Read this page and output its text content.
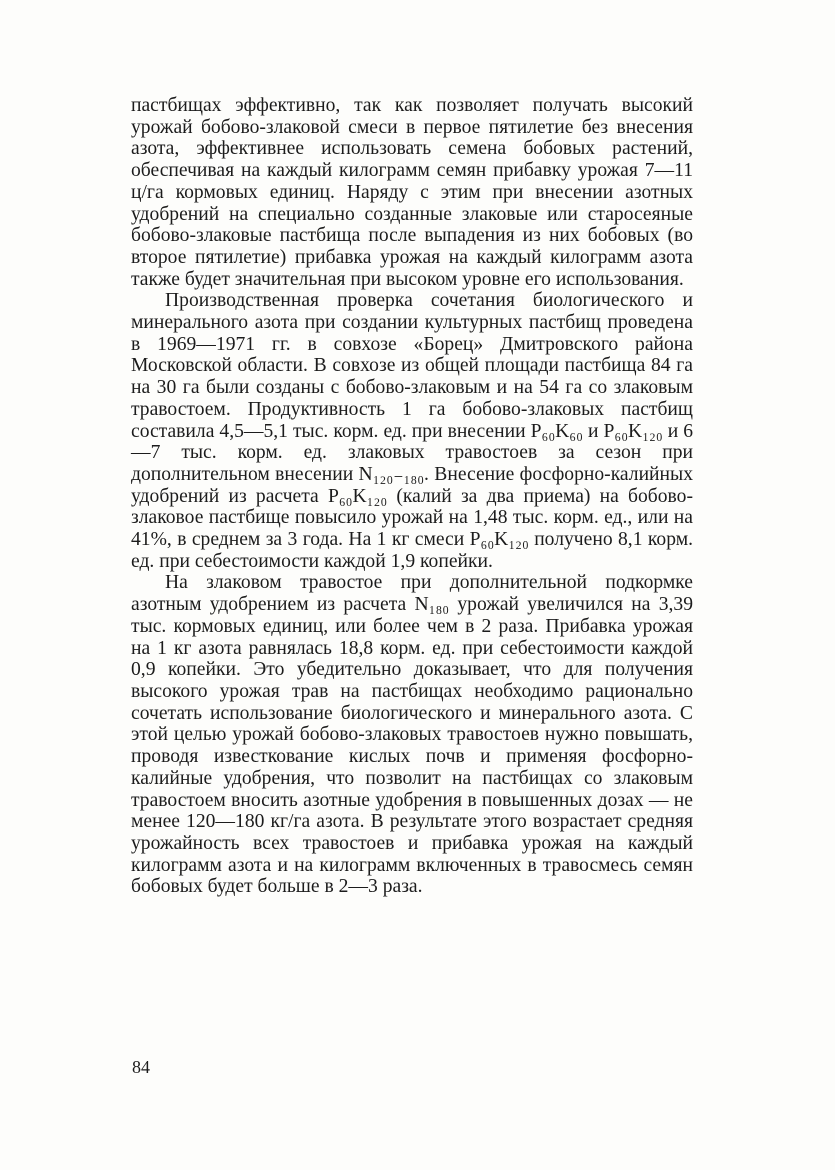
пастбищах эффективно, так как позволяет получать высокий урожай бобово-злаковой смеси в первое пятилетие без внесения азота, эффективнее использовать семена бобовых растений, обеспечивая на каждый килограмм семян прибавку урожая 7—11 ц/га кормовых единиц. Наряду с этим при внесении азотных удобрений на специально созданные злаковые или старосеяные бобово-злаковые пастбища после выпадения из них бобовых (во второе пятилетие) прибавка урожая на каждый килограмм азота также будет значительная при высоком уровне его использования.

Производственная проверка сочетания биологического и минерального азота при создании культурных пастбищ проведена в 1969—1971 гг. в совхозе «Борец» Дмитровского района Московской области. В совхозе из общей площади пастбища 84 га на 30 га были созданы с бобово-злаковым и на 54 га со злаковым травостоем. Продуктивность 1 га бобово-злаковых пастбищ составила 4,5—5,1 тыс. корм. ед. при внесении P₆₀K₆₀ и P₆₀K₁₂₀ и 6—7 тыс. корм. ед. злаковых травостоев за сезон при дополнительном внесении N₁₂₀₋₁₈₀. Внесение фосфорно-калийных удобрений из расчета P₆₀K₁₂₀ (калий за два приема) на бобово-злаковое пастбище повысило урожай на 1,48 тыс. корм. ед., или на 41%, в среднем за 3 года. На 1 кг смеси P₆₀K₁₂₀ получено 8,1 корм. ед. при себестоимости каждой 1,9 копейки.

На злаковом травостое при дополнительной подкормке азотным удобрением из расчета N₁₈₀ урожай увеличился на 3,39 тыс. кормовых единиц, или более чем в 2 раза. Прибавка урожая на 1 кг азота равнялась 18,8 корм. ед. при себестоимости каждой 0,9 копейки. Это убедительно доказывает, что для получения высокого урожая трав на пастбищах необходимо рационально сочетать использование биологического и минерального азота. С этой целью урожай бобово-злаковых травостоев нужно повышать, проводя известкование кислых почв и применяя фосфорно-калийные удобрения, что позволит на пастбищах со злаковым травостоем вносить азотные удобрения в повышенных дозах — не менее 120—180 кг/га азота. В результате этого возрастает средняя урожайность всех травостоев и прибавка урожая на каждый килограмм азота и на килограмм включенных в травосмесь семян бобовых будет больше в 2—3 раза.

84
